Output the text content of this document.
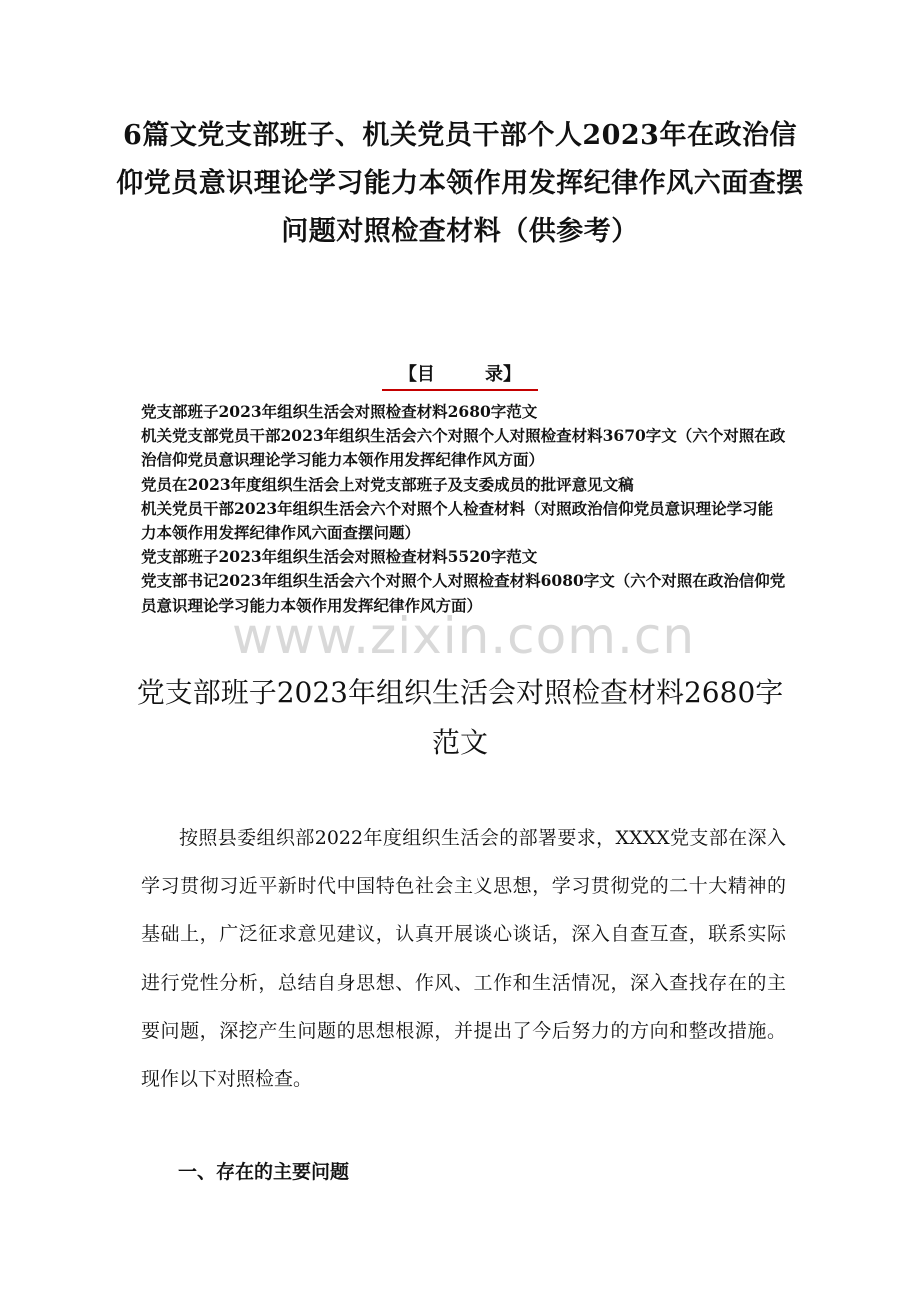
6篇文党支部班子、机关党员干部个人2023年在政治信仰党员意识理论学习能力本领作用发挥纪律作风六面查摆问题对照检查材料（供参考）
【目        录】
党支部班子2023年组织生活会对照检查材料2680字范文
机关党支部党员干部2023年组织生活会六个对照个人对照检查材料3670字文（六个对照在政治信仰党员意识理论学习能力本领作用发挥纪律作风方面）
党员在2023年度组织生活会上对党支部班子及支委成员的批评意见文稿
机关党员干部2023年组织生活会六个对照个人检查材料（对照政治信仰党员意识理论学习能力本领作用发挥纪律作风六面查摆问题）
党支部班子2023年组织生活会对照检查材料5520字范文
党支部书记2023年组织生活会六个对照个人对照检查材料6080字文（六个对照在政治信仰党员意识理论学习能力本领作用发挥纪律作风方面）
www.zixin.com.cn
党支部班子2023年组织生活会对照检查材料2680字范文

按照县委组织部2022年度组织生活会的部署要求，XXXX党支部在深入学习贯彻习近平新时代中国特色社会主义思想，学习贯彻党的二十大精神的基础上，广泛征求意见建议，认真开展谈心谈话，深入自查互查，联系实际进行党性分析，总结自身思想、作风、工作和生活情况，深入查找存在的主要问题，深挖产生问题的思想根源，并提出了今后努力的方向和整改措施。现作以下对照检查。

一、存在的主要问题
